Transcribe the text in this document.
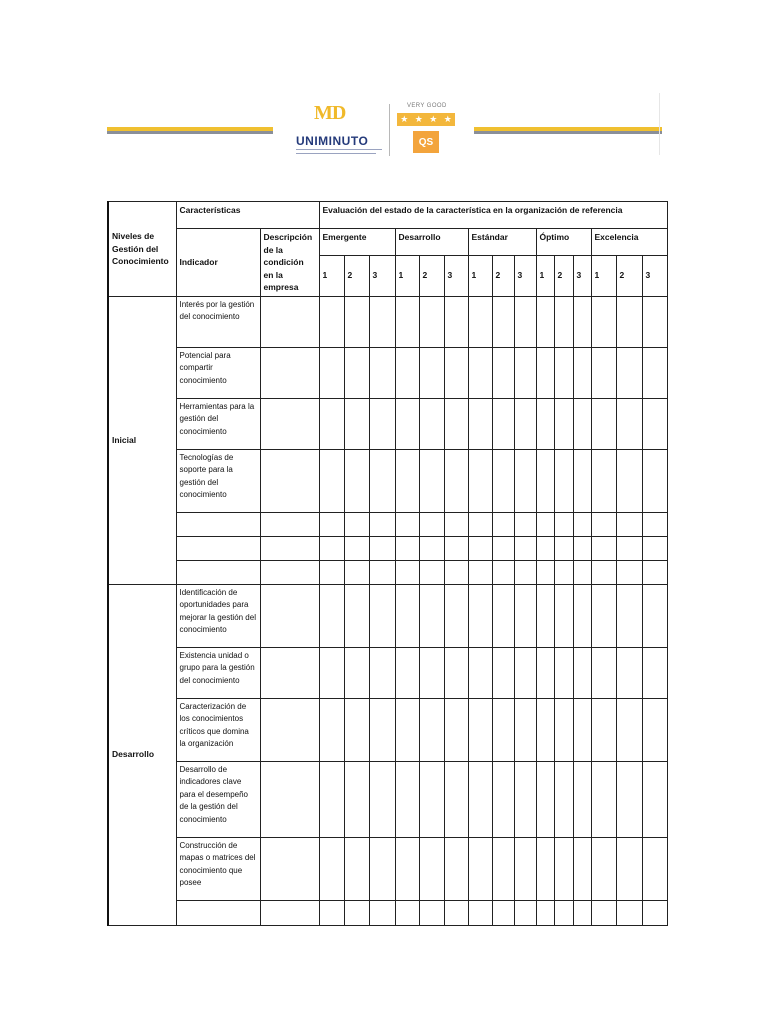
MD
UNIMINUTO
VERY GOOD
★ ★ ★ ★
QS
Niveles de Gestión del Conocimiento	Características		Evaluación del estado de la característica en la organización de referencia														
	Indicador	Descripción de la condición en la empresa	Emergente			Desarrollo			Estándar			Óptimo			Excelencia		
			1	2	3	1	2	3	1	2	3	1	2	3	1	2	3
Inicial	Interés por la gestión del conocimiento																
	Potencial para compartir conocimiento																
	Herramientas para la gestión del conocimiento																
	Tecnologías de soporte para la gestión del conocimiento																

Desarrollo	Identificación de oportunidades para mejorar la gestión del conocimiento																
	Existencia unidad o grupo para la gestión del conocimiento																
	Caracterización de los conocimientos críticos que domina la organización																
	Desarrollo de indicadores clave para el desempeño de la gestión del conocimiento																
	Construcción de mapas o matrices del conocimiento que posee																
